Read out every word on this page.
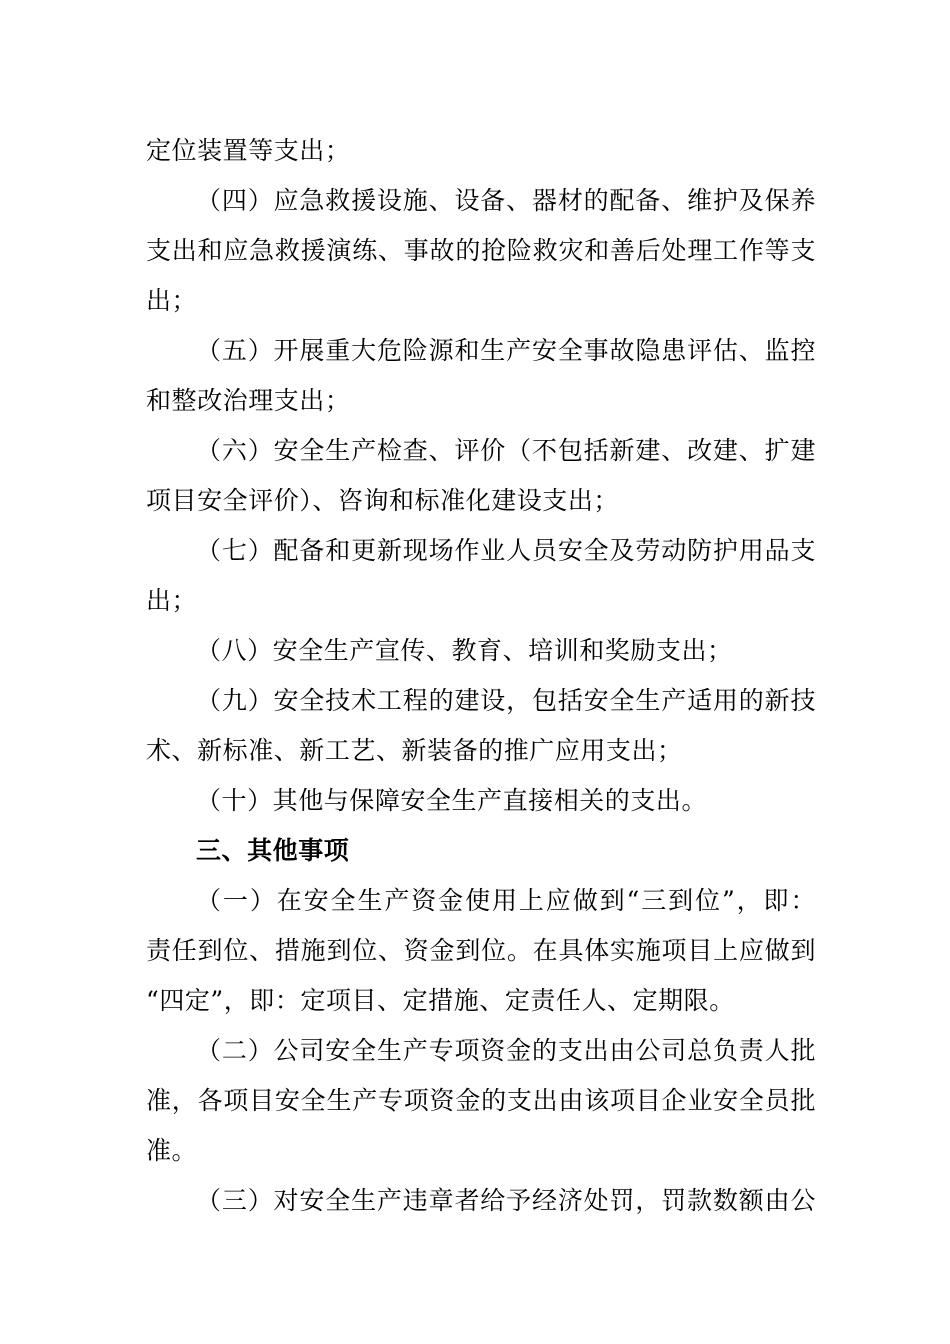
定位装置等支出；
（四）应急救援设施、设备、器材的配备、维护及保养
支出和应急救援演练、事故的抢险救灾和善后处理工作等支
出；
（五）开展重大危险源和生产安全事故隐患评估、监控
和整改治理支出；
（六）安全生产检查、评价（不包括新建、改建、扩建
项目安全评价）、咨询和标准化建设支出；
（七）配备和更新现场作业人员安全及劳动防护用品支
出；
（八）安全生产宣传、教育、培训和奖励支出；
（九）安全技术工程的建设，包括安全生产适用的新技
术、新标准、新工艺、新装备的推广应用支出；
（十）其他与保障安全生产直接相关的支出。
三、其他事项
（一）在安全生产资金使用上应做到“三到位”，即：
责任到位、措施到位、资金到位。在具体实施项目上应做到
“四定”，即：定项目、定措施、定责任人、定期限。
（二）公司安全生产专项资金的支出由公司总负责人批
准，各项目安全生产专项资金的支出由该项目企业安全员批
准。
（三）对安全生产违章者给予经济处罚，罚款数额由公
